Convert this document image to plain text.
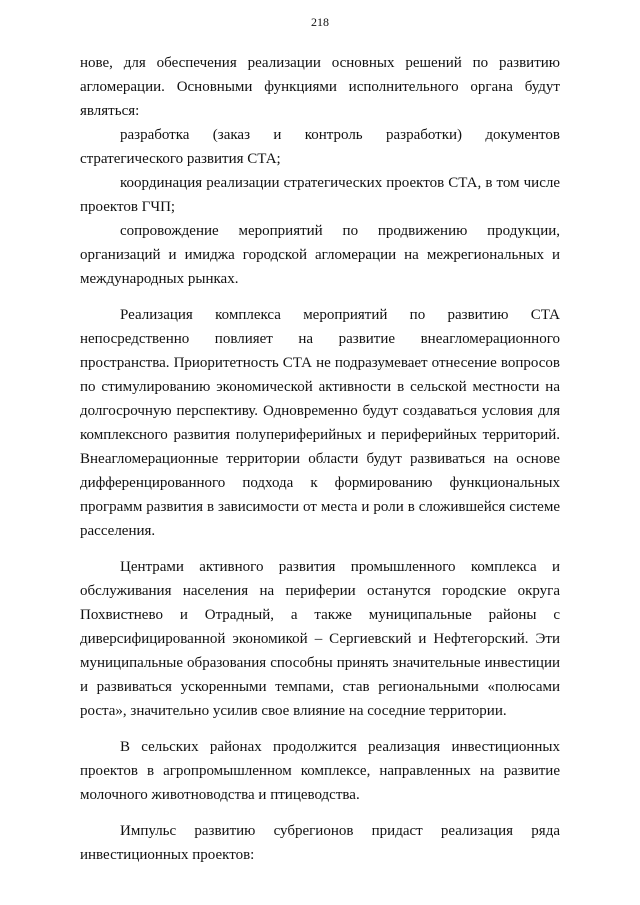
218

нове, для обеспечения реализации основных решений по развитию агломерации. Основными функциями исполнительного органа будут являться:

разработка (заказ и контроль разработки) документов стратегического развития СТА;

координация реализации стратегических проектов СТА, в том числе проектов ГЧП;

сопровождение мероприятий по продвижению продукции, организаций и имиджа городской агломерации на межрегиональных и международных рынках.

Реализация комплекса мероприятий по развитию СТА непосредственно повлияет на развитие внеагломерационного пространства. Приоритетность СТА не подразумевает отнесение вопросов по стимулированию экономической активности в сельской местности на долгосрочную перспективу. Одновременно будут создаваться условия для комплексного развития полупериферийных и периферийных территорий. Внеагломерационные территории области будут развиваться на основе дифференцированного подхода к формированию функциональных программ развития в зависимости от места и роли в сложившейся системе расселения.

Центрами активного развития промышленного комплекса и обслуживания населения на периферии останутся городские округа Похвистнево и Отрадный, а также муниципальные районы с диверсифицированной экономикой – Сергиевский и Нефтегорский. Эти муниципальные образования способны принять значительные инвестиции и развиваться ускоренными темпами, став региональными «полюсами роста», значительно усилив свое влияние на соседние территории.

В сельских районах продолжится реализация инвестиционных проектов в агропромышленном комплексе, направленных на развитие молочного животноводства и птицеводства.

Импульс развитию субрегионов придаст реализация ряда инвестиционных проектов:
